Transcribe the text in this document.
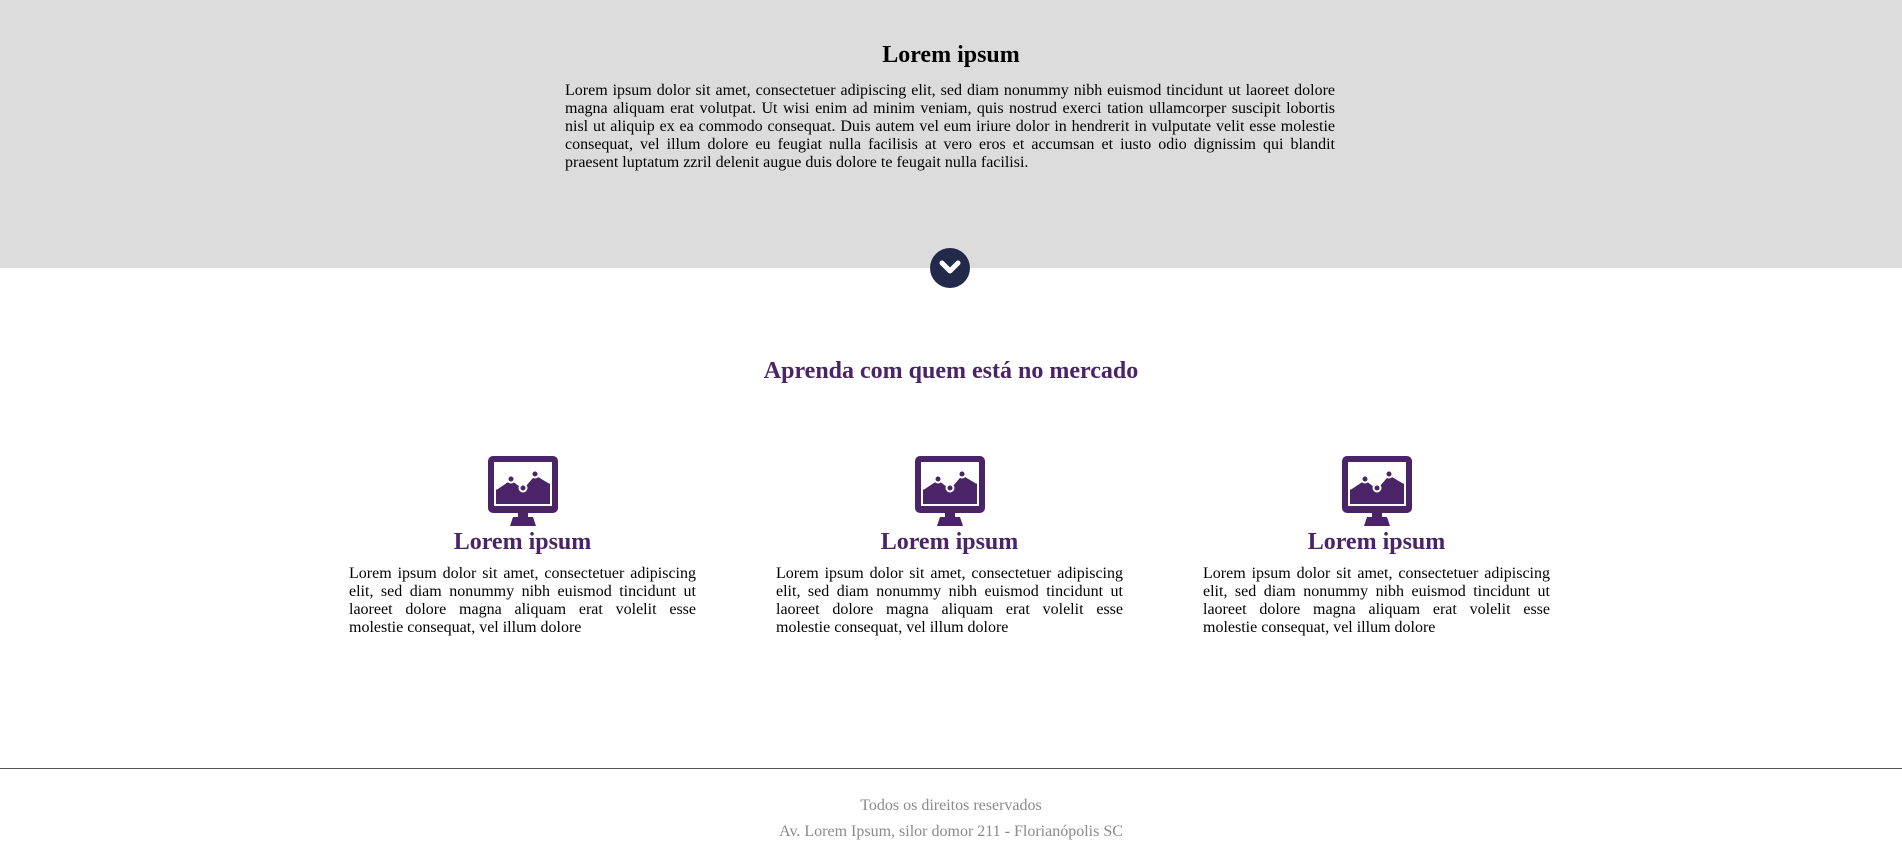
Lorem ipsum

Lorem ipsum dolor sit amet, consectetuer adipiscing elit, sed diam nonummy nibh euismod tincidunt ut laoreet dolore magna aliquam erat volutpat. Ut wisi enim ad minim veniam, quis nostrud exerci tation ullamcorper suscipit lobortis nisl ut aliquip ex ea commodo consequat. Duis autem vel eum iriure dolor in hendrerit in vulputate velit esse molestie consequat, vel illum dolore eu feugiat nulla facilisis at vero eros et accumsan et iusto odio dignissim qui blandit praesent luptatum zzril delenit augue duis dolore te feugait nulla facilisi.

Aprenda com quem está no mercado
Lorem ipsum

Lorem ipsum dolor sit amet, consectetuer adipiscing elit, sed diam nonummy nibh euismod tincidunt ut laoreet dolore magna aliquam erat volelit esse molestie consequat, vel illum dolore

Lorem ipsum

Lorem ipsum dolor sit amet, consectetuer adipiscing elit, sed diam nonummy nibh euismod tincidunt ut laoreet dolore magna aliquam erat volelit esse molestie consequat, vel illum dolore

Lorem ipsum

Lorem ipsum dolor sit amet, consectetuer adipiscing elit, sed diam nonummy nibh euismod tincidunt ut laoreet dolore magna aliquam erat volelit esse molestie consequat, vel illum dolore

Todos os direitos reservados

Av. Lorem Ipsum, silor domor 211 - Florianópolis SC
